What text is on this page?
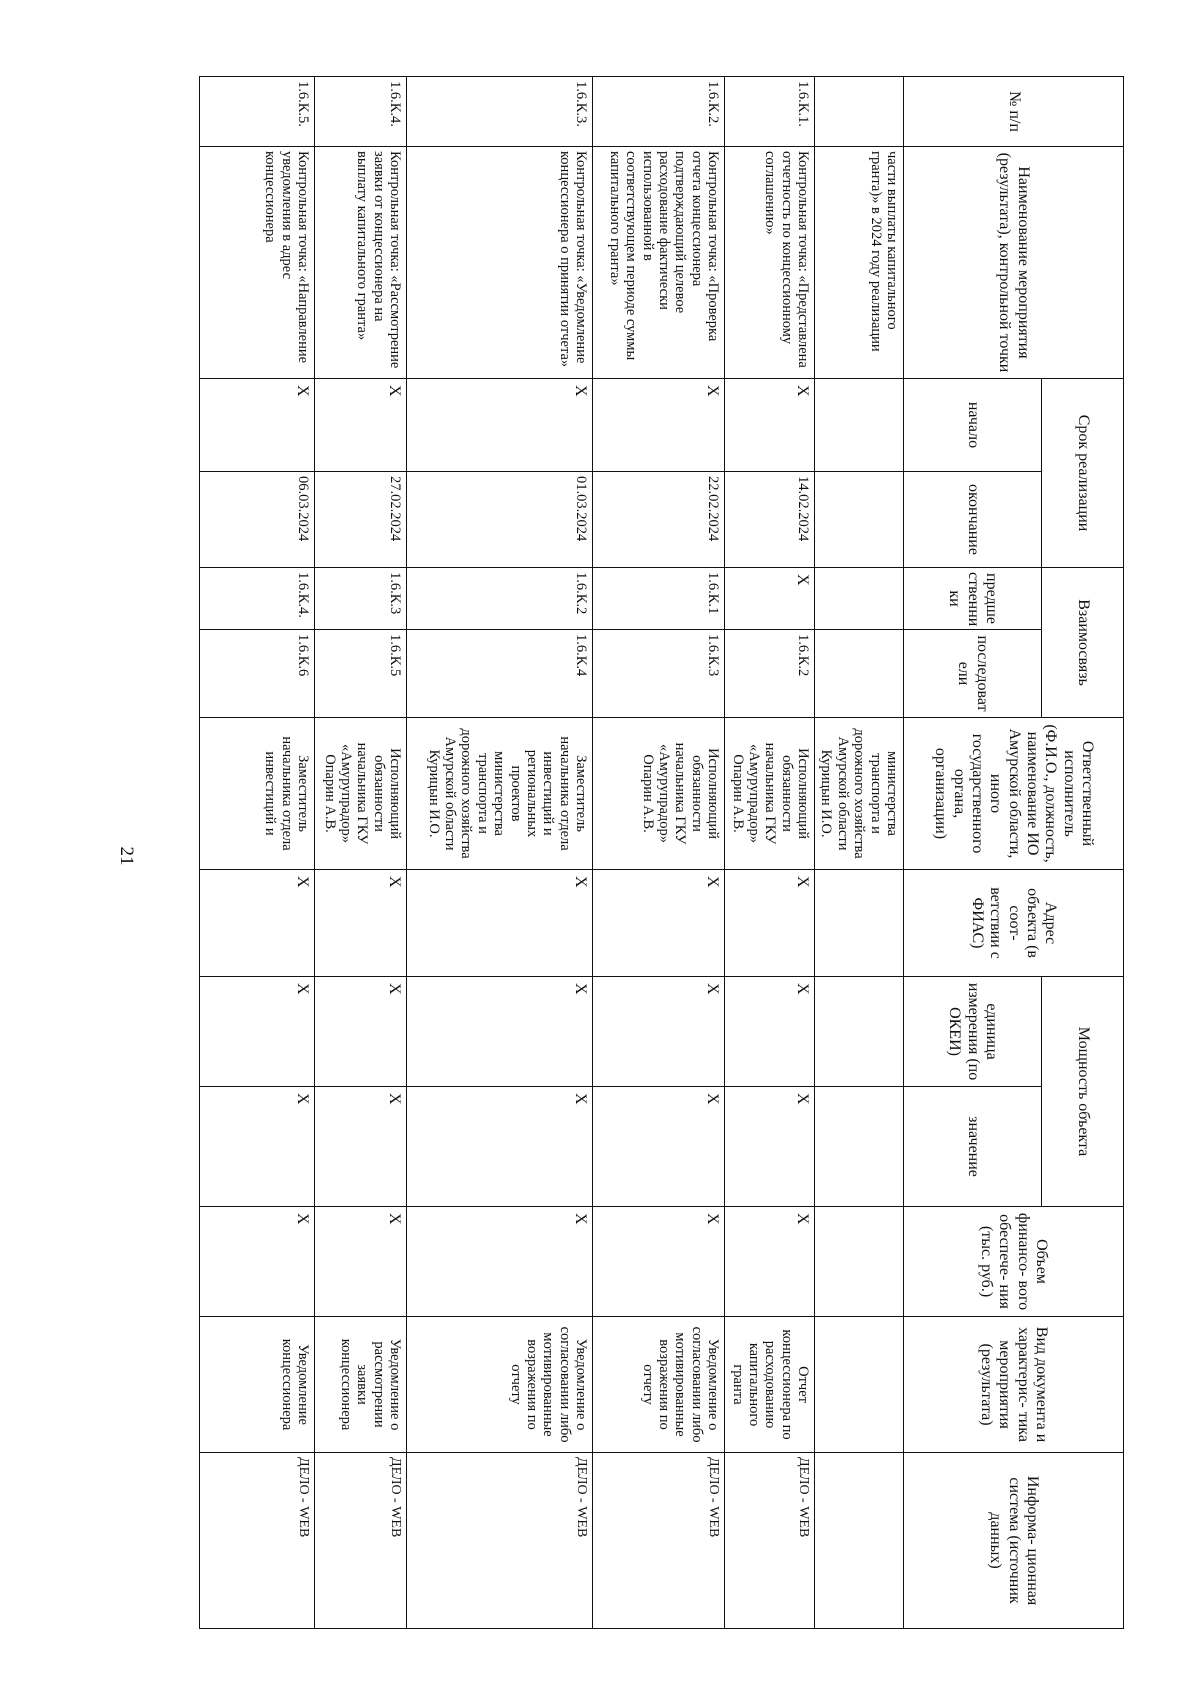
21
№ п/п	Наименование мероприятия (результата), контрольной точки	Срок реализации		Взаимосвязь		Ответственный исполнитель (Ф.И.О., должность, наименование ИО Амурской области, иного государственного органа, организации)	Адрес объекта (в соот- ветствии с ФИАС)	Мощность объекта		Объем финансо- вого обеспече- ния (тыс. руб.)	Вид документа и характерис- тика мероприятия (результата)	Информа- ционная система (источник данных)
		начало	окончание	предше ственни ки	последоват ели			единица измерения (по ОКЕИ)	значение			
	части выплаты капитального гранта)» в 2024 году реализации					министерства транспорта и дорожного хозяйства Амурской области Курицын И.О.						
1.6.К.1.	Контрольная точка: «Представлена отчетность по концессионному соглашению»	X	14.02.2024	X	1.6.К.2	Исполняющий обязанности начальника ГКУ «Амурупрадор» Опарин А.В.	X	X	X	X	Отчет концессионера по расходованию капитального гранта	ДЕЛО - WEB
1.6.К.2.	Контрольная точка: «Проверка отчета концессионера подтверждающий целевое расходование фактически использованной в соответствующем периоде суммы капитального гранта»	X	22.02.2024	1.6.К.1	1.6.К.3	Исполняющий обязанности начальника ГКУ «Амурупрадор» Опарин А.В.	X	X	X	X	Уведомление о согласовании либо мотивированные возражения по отчету	ДЕЛО - WEB
1.6.К.3.	Контрольная точка: «Уведомление концессионера о принятии отчета»	X	01.03.2024	1.6.К.2	1.6.К.4	Заместитель начальника отдела инвестиций и региональных проектов министерства транспорта и дорожного хозяйства Амурской области Курицын И.О.	X	X	X	X	Уведомление о согласовании либо мотивированные возражения по отчету	ДЕЛО - WEB
1.6.К.4.	Контрольная точка: «Рассмотрение заявки от концессионера на выплату капитального гранта»	X	27.02.2024	1.6.К.3	1.6.К.5	Исполняющий обязанности начальника ГКУ «Амурупрадор» Опарин А.В.	X	X	X	X	Уведомление о рассмотрении заявки концессионера	ДЕЛО - WEB
1.6.К.5.	Контрольная точка: «Направление уведомления в адрес концессионера	X	06.03.2024	1.6.К.4.	1.6.К.6	Заместитель начальника отдела инвестиций и	X	X	X	X	Уведомление концессионера	ДЕЛО - WEB
